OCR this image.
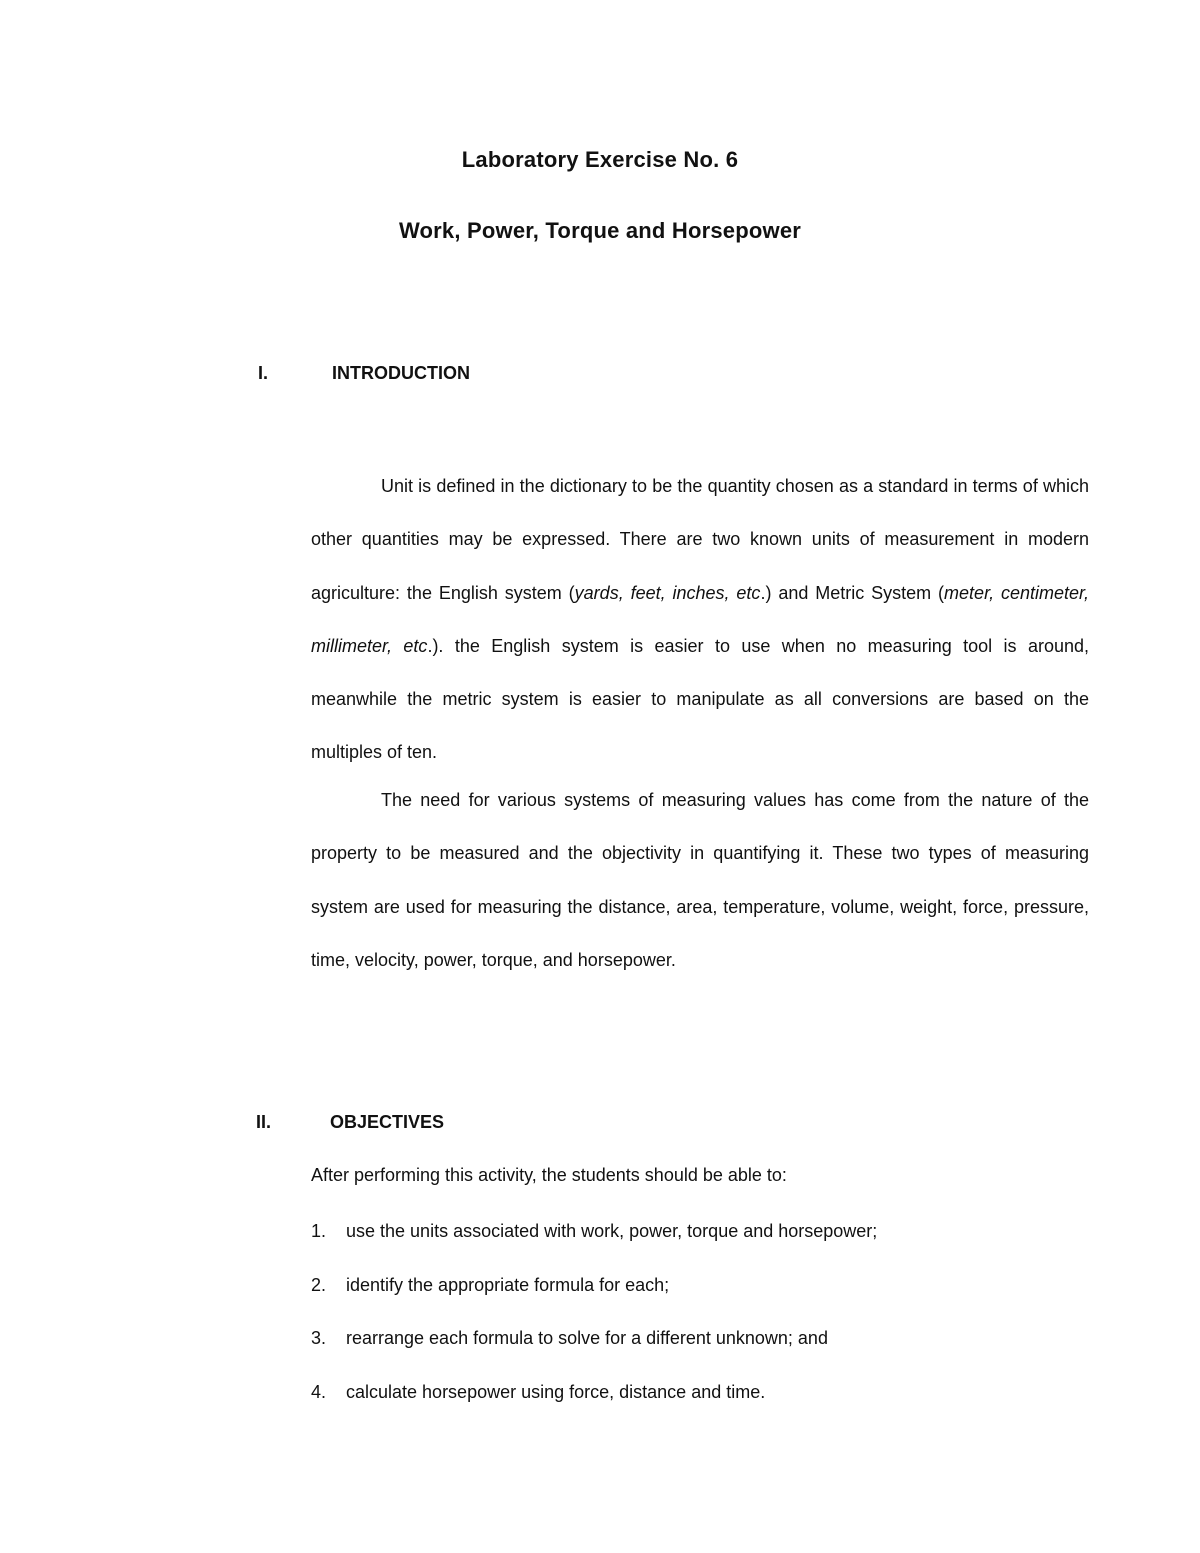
Laboratory Exercise No. 6
Work, Power, Torque and Horsepower
I.	INTRODUCTION
Unit is defined in the dictionary to be the quantity chosen as a standard in terms of which other quantities may be expressed. There are two known units of measurement in modern agriculture: the English system (yards, feet, inches, etc.) and Metric System (meter, centimeter, millimeter, etc.). the English system is easier to use when no measuring tool is around, meanwhile the metric system is easier to manipulate as all conversions are based on the multiples of ten.
The need for various systems of measuring values has come from the nature of the property to be measured and the objectivity in quantifying it. These two types of measuring system are used for measuring the distance, area, temperature, volume, weight, force, pressure, time, velocity, power, torque, and horsepower.
II.	OBJECTIVES
After performing this activity, the students should be able to:
1. use the units associated with work, power, torque and horsepower;
2. identify the appropriate formula for each;
3. rearrange each formula to solve for a different unknown; and
4. calculate horsepower using force, distance and time.
